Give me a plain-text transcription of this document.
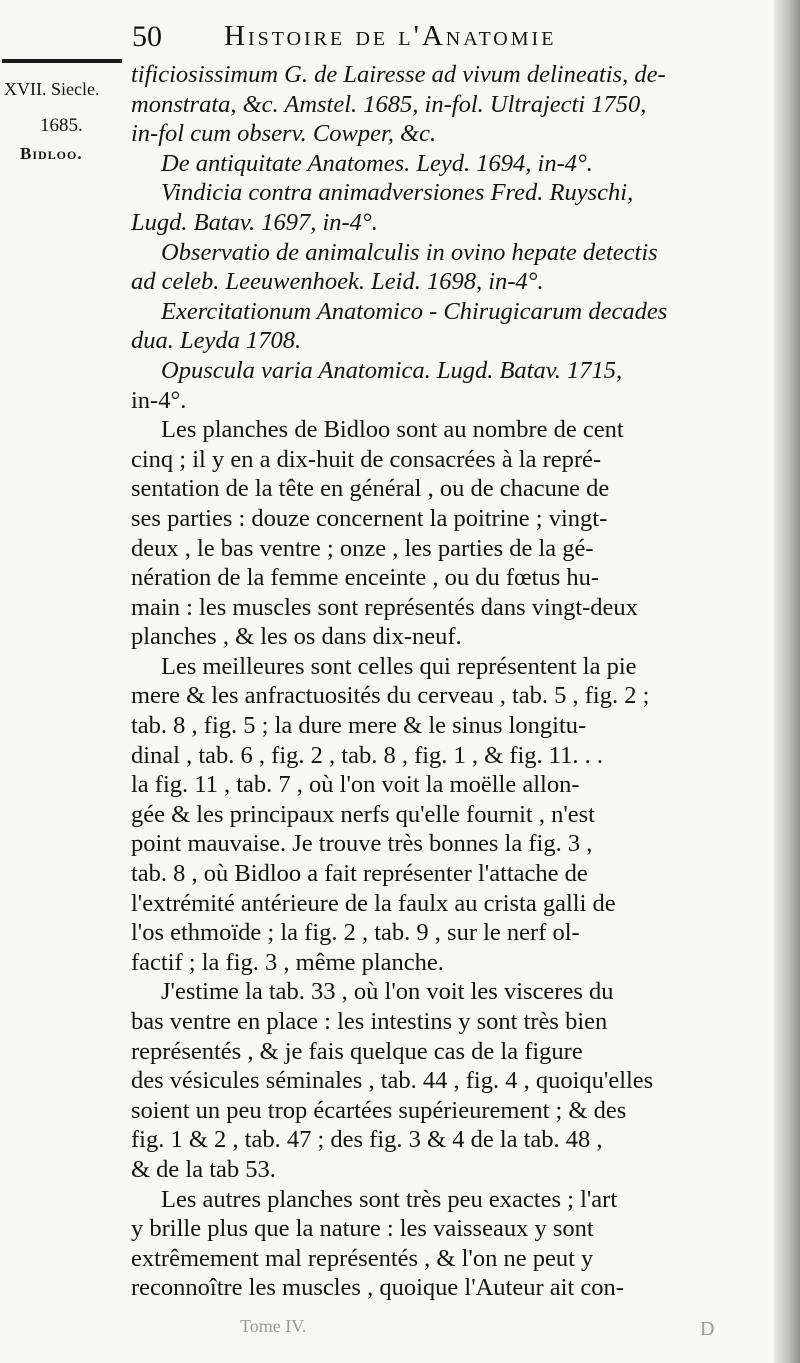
50 Histoire de l'Anatomie
XVII. Siecle.
1685.
Bidloo.
tificiosissimum G. de Lairesse ad vivum delineatis, de-
monstrata, &c. Amstel. 1685, in-fol. Ultrajecti 1750,
in-fol cum observ. Cowper, &c.
De antiquitate Anatomes. Leyd. 1694, in-4°.
Vindicia contra animadversiones Fred. Ruyschi,
Lugd. Batav. 1697, in-4°.
Observatio de animalculis in ovino hepate detectis
ad celeb. Leeuwenhoek. Leid. 1698, in-4°.
Exercitationum Anatomico - Chirugicarum decades
dua. Leyda 1708.
Opuscula varia Anatomica. Lugd. Batav. 1715,
in-4°.
Les planches de Bidloo sont au nombre de cent
cinq ; il y en a dix-huit de consacrées à la repré-
sentation de la tête en général , ou de chacune de
ses parties : douze concernent la poitrine ; vingt-
deux , le bas ventre ; onze , les parties de la gé-
nération de la femme enceinte , ou du fœtus hu-
main : les muscles sont représentés dans vingt-deux
planches , & les os dans dix-neuf.
Les meilleures sont celles qui représentent la pie
mere & les anfractuosités du cerveau , tab. 5 , fig. 2 ;
tab. 8 , fig. 5 ; la dure mere & le sinus longitu-
dinal , tab. 6 , fig. 2 , tab. 8 , fig. 1 , & fig. 11. . .
la fig. 11 , tab. 7 , où l'on voit la moëlle allon-
gée & les principaux nerfs qu'elle fournit , n'est
point mauvaise. Je trouve très bonnes la fig. 3 ,
tab. 8 , où Bidloo a fait représenter l'attache de
l'extrémité antérieure de la faulx au crista galli de
l'os ethmoïde ; la fig. 2 , tab. 9 , sur le nerf ol-
factif ; la fig. 3 , même planche.
J'estime la tab. 33 , où l'on voit les visceres du
bas ventre en place : les intestins y sont très bien
représentés , & je fais quelque cas de la figure
des vésicules séminales , tab. 44 , fig. 4 , quoiqu'elles
soient un peu trop écartées supérieurement ; & des
fig. 1 & 2 , tab. 47 ; des fig. 3 & 4 de la tab. 48 ,
& de la tab 53.
Les autres planches sont très peu exactes ; l'art
y brille plus que la nature : les vaisseaux y sont
extrêmement mal représentés , & l'on ne peut y
reconnoître les muscles , quoique l'Auteur ait con-
Tome IV.	D
